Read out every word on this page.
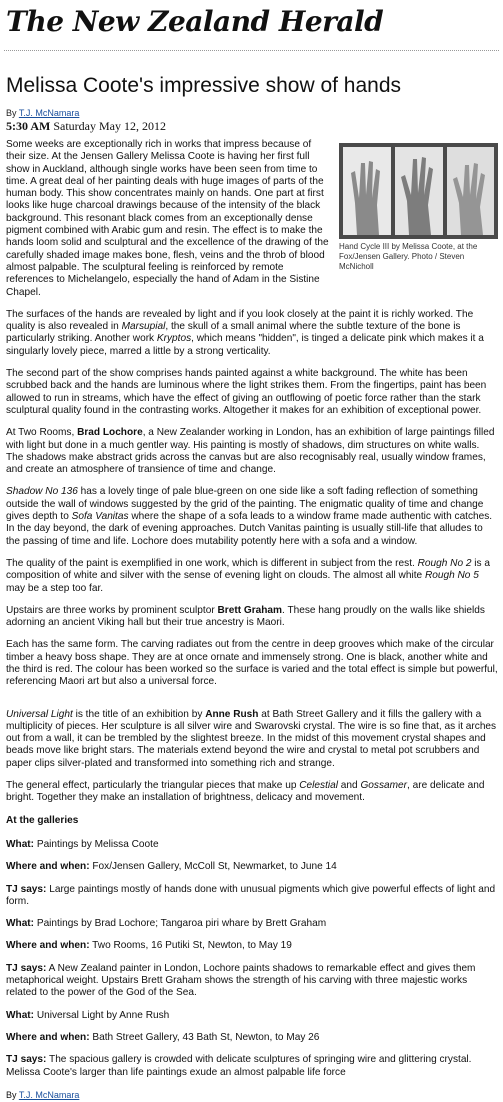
The New Zealand Herald
Melissa Coote's impressive show of hands
By T.J. McNamara
5:30 AM Saturday May 12, 2012
Hand Cycle III by Melissa Coote, at the Fox/Jensen Gallery. Photo / Steven McNicholl

Some weeks are exceptionally rich in works that impress because of their size. At the Jensen Gallery Melissa Coote is having her first full show in Auckland, although single works have been seen from time to time. A great deal of her painting deals with huge images of parts of the human body. This show concentrates mainly on hands. One part at first looks like huge charcoal drawings because of the intensity of the black background. This resonant black comes from an exceptionally dense pigment combined with Arabic gum and resin. The effect is to make the hands loom solid and sculptural and the excellence of the drawing of the carefully shaded image makes bone, flesh, veins and the throb of blood almost palpable. The sculptural feeling is reinforced by remote references to Michelangelo, especially the hand of Adam in the Sistine Chapel.

The surfaces of the hands are revealed by light and if you look closely at the paint it is richly worked. The quality is also revealed in Marsupial, the skull of a small animal where the subtle texture of the bone is particularly striking. Another work Kryptos, which means "hidden", is tinged a delicate pink which makes it a singularly lovely piece, marred a little by a strong verticality.

The second part of the show comprises hands painted against a white background. The white has been scrubbed back and the hands are luminous where the light strikes them. From the fingertips, paint has been allowed to run in streams, which have the effect of giving an outflowing of poetic force rather than the stark sculptural quality found in the contrasting works. Altogether it makes for an exhibition of exceptional power.

At Two Rooms, Brad Lochore, a New Zealander working in London, has an exhibition of large paintings filled with light but done in a much gentler way. His painting is mostly of shadows, dim structures on white walls. The shadows make abstract grids across the canvas but are also recognisably real, usually window frames, and create an atmosphere of transience of time and change.

Shadow No 136 has a lovely tinge of pale blue-green on one side like a soft fading reflection of something outside the wall of windows suggested by the grid of the painting. The enigmatic quality of time and change gives depth to Sofa Vanitas where the shape of a sofa leads to a window frame made authentic with catches. In the day beyond, the dark of evening approaches. Dutch Vanitas painting is usually still-life that alludes to the passing of time and life. Lochore does mutability potently here with a sofa and a window.

The quality of the paint is exemplified in one work, which is different in subject from the rest. Rough No 2 is a composition of white and silver with the sense of evening light on clouds. The almost all white Rough No 5 may be a step too far.

Upstairs are three works by prominent sculptor Brett Graham. These hang proudly on the walls like shields adorning an ancient Viking hall but their true ancestry is Maori.

Each has the same form. The carving radiates out from the centre in deep grooves which make of the circular timber a heavy boss shape. They are at once ornate and immensely strong. One is black, another white and the third is red. The colour has been worked so the surface is varied and the total effect is simple but powerful, referencing Maori art but also a universal force.

Universal Light is the title of an exhibition by Anne Rush at Bath Street Gallery and it fills the gallery with a multiplicity of pieces. Her sculpture is all silver wire and Swarovski crystal. The wire is so fine that, as it arches out from a wall, it can be trembled by the slightest breeze. In the midst of this movement crystal shapes and beads move like bright stars. The materials extend beyond the wire and crystal to metal pot scrubbers and paper clips silver-plated and transformed into something rich and strange.

The general effect, particularly the triangular pieces that make up Celestial and Gossamer, are delicate and bright. Together they make an installation of brightness, delicacy and movement.

At the galleries

What: Paintings by Melissa Coote

Where and when: Fox/Jensen Gallery, McColl St, Newmarket, to June 14

TJ says: Large paintings mostly of hands done with unusual pigments which give powerful effects of light and form.

What: Paintings by Brad Lochore; Tangaroa piri whare by Brett Graham

Where and when: Two Rooms, 16 Putiki St, Newton, to May 19

TJ says: A New Zealand painter in London, Lochore paints shadows to remarkable effect and gives them metaphorical weight. Upstairs Brett Graham shows the strength of his carving with three majestic works related to the power of the God of the Sea.

What: Universal Light by Anne Rush

Where and when: Bath Street Gallery, 43 Bath St, Newton, to May 26

TJ says: The spacious gallery is crowded with delicate sculptures of springing wire and glittering crystal. Melissa Coote's larger than life paintings exude an almost palpable life force

By T.J. McNamara
